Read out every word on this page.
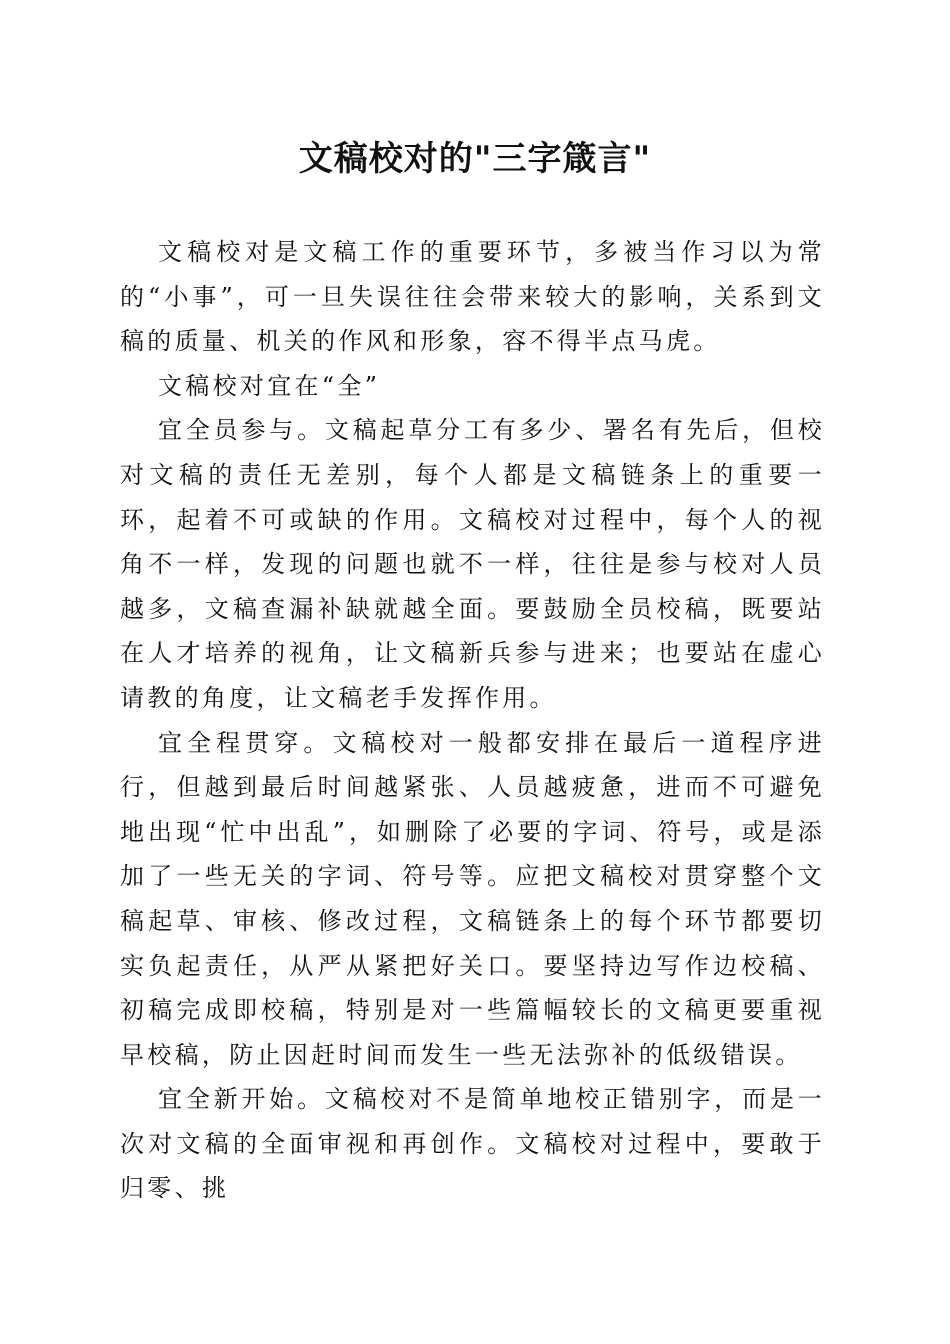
文稿校对的"三字箴言"

文稿校对是文稿工作的重要环节，多被当作习以为常的“小事”，可一旦失误往往会带来较大的影响，关系到文稿的质量、机关的作风和形象，容不得半点马虎。

文稿校对宜在“全”

宜全员参与。文稿起草分工有多少、署名有先后，但校对文稿的责任无差别，每个人都是文稿链条上的重要一环，起着不可或缺的作用。文稿校对过程中，每个人的视角不一样，发现的问题也就不一样，往往是参与校对人员越多，文稿查漏补缺就越全面。要鼓励全员校稿，既要站在人才培养的视角，让文稿新兵参与进来；也要站在虚心请教的角度，让文稿老手发挥作用。

宜全程贯穿。文稿校对一般都安排在最后一道程序进行，但越到最后时间越紧张、人员越疲惫，进而不可避免地出现“忙中出乱”，如删除了必要的字词、符号，或是添加了一些无关的字词、符号等。应把文稿校对贯穿整个文稿起草、审核、修改过程，文稿链条上的每个环节都要切实负起责任，从严从紧把好关口。要坚持边写作边校稿、初稿完成即校稿，特别是对一些篇幅较长的文稿更要重视早校稿，防止因赶时间而发生一些无法弥补的低级错误。

宜全新开始。文稿校对不是简单地校正错别字，而是一次对文稿的全面审视和再创作。文稿校对过程中，要敢于归零、挑
